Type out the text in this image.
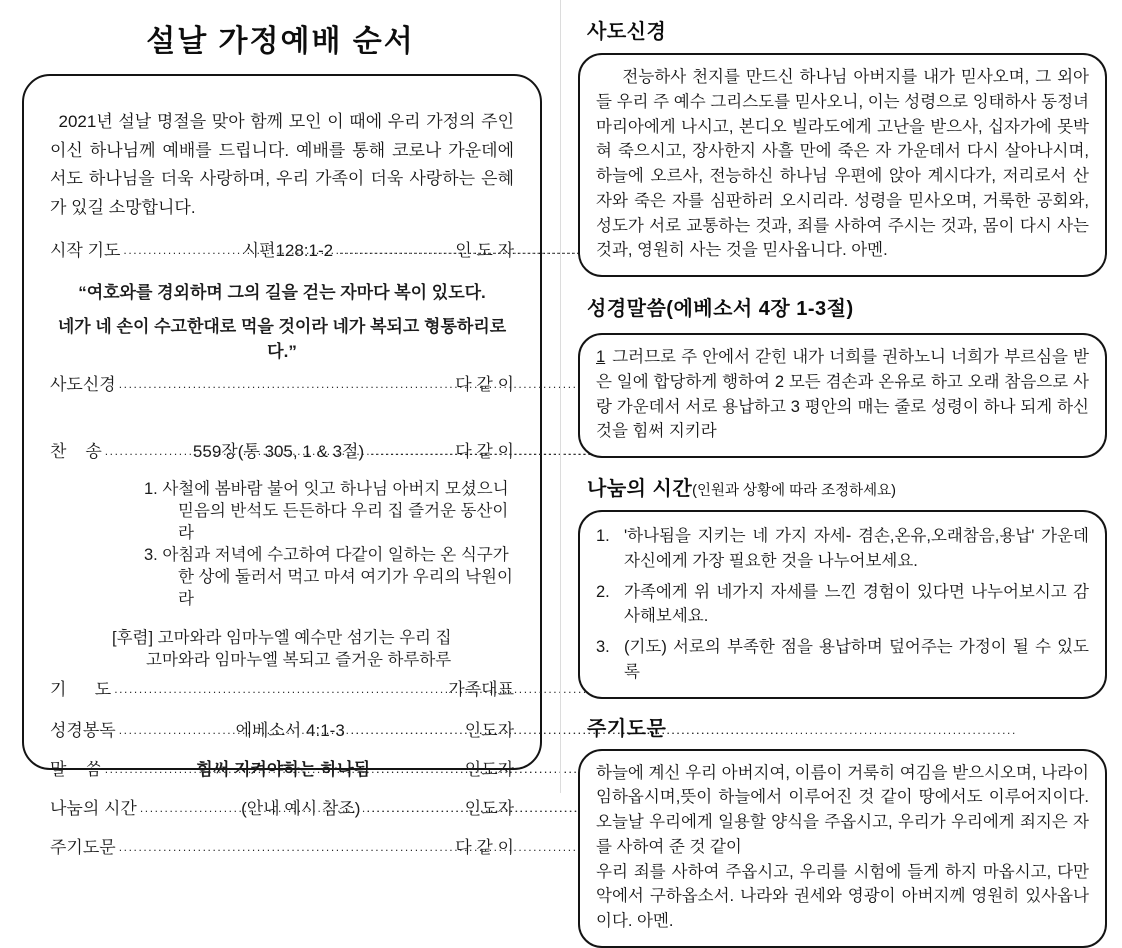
설날 가정예배 순서

2021년 설날 명절을 맞아 함께 모인 이 때에 우리 가정의 주인이신 하나님께 예배를 드립니다. 예배를 통해 코로나 가운데에서도 하나님을 더욱 사랑하며, 우리 가족이 더욱 사랑하는 은혜가 있길 소망합니다.

시작 기도 .....	시편128:1-2 .....	인 도 자
“여호와를 경외하며 그의 길을 걷는 자마다 복이 있도다.
네가 네 손이 수고한대로 먹을 것이라 네가 복되고 형통하리로다.”
사도신경 .....	다 같 이
찬    송 .....	559장(통 305, 1 & 3절) .....	다 같 이
1. 사철에 봄바람 불어 잇고 하나님 아버지 모셨으니
믿음의 반석도 든든하다 우리 집 즐거운 동산이라
3. 아침과 저녁에 수고하여 다같이 일하는 온 식구가
한 상에 둘러서 먹고 마셔 여기가 우리의 낙원이라
[후렴] 고마와라 임마누엘 예수만 섬기는 우리 집
고마와라 임마누엘 복되고 즐거운 하루하루
기      도 .....	가족대표
성경봉독 .....	에베소서 4:1-3 .....	인도자
말    씀 .....	힘써 지켜야하는 하나됨 .....	인도자
나눔의 시간 .....	(안내 예시 참조) .....	인도자
주기도문 .....	다 같 이
사도신경
전능하사 천지를 만드신 하나님 아버지를 내가 믿사오며, 그 외아들 우리 주 예수 그리스도를 믿사오니, 이는 성령으로 잉태하사 동정녀 마리아에게 나시고, 본디오 빌라도에게 고난을 받으사, 십자가에 못박혀 죽으시고, 장사한지 사흘 만에 죽은 자 가운데서 다시 살아나시며, 하늘에 오르사, 전능하신 하나님 우편에 앉아 계시다가, 저리로서 산 자와 죽은 자를 심판하러 오시리라. 성령을 믿사오며, 거룩한 공회와, 성도가 서로 교통하는 것과, 죄를 사하여 주시는 것과, 몸이 다시 사는 것과, 영원히 사는 것을 믿사옵니다. 아멘.
성경말씀(에베소서 4장 1-3절)
1 그러므로 주 안에서 갇힌 내가 너희를 권하노니 너희가 부르심을 받은 일에 합당하게 행하여 2 모든 겸손과 온유로 하고 오래 참음으로 사랑 가운데서 서로 용납하고 3 평안의 매는 줄로 성령이 하나 되게 하신 것을 힘써 지키라
나눔의 시간(인원과 상황에 따라 조정하세요)
1. '하나됨을 지키는 네 가지 자세- 겸손,온유,오래참음,용납' 가운데 자신에게 가장 필요한 것을 나누어보세요.
2. 가족에게 위 네가지 자세를 느낀 경험이 있다면 나누어보시고 감사해보세요.
3. (기도) 서로의 부족한 점을 용납하며 덮어주는 가정이 될 수 있도록
주기도문
하늘에 계신 우리 아버지여, 이름이 거룩히 여김을 받으시오며, 나라이 임하옵시며,뜻이 하늘에서 이루어진 것 같이 땅에서도 이루어지이다. 오늘날 우리에게 일용할 양식을 주옵시고, 우리가 우리에게 죄지은 자를 사하여 준 것 같이
우리 죄를 사하여 주옵시고, 우리를 시험에 들게 하지 마옵시고, 다만 악에서 구하옵소서. 나라와 권세와 영광이 아버지께 영원히 있사옵나이다. 아멘.
